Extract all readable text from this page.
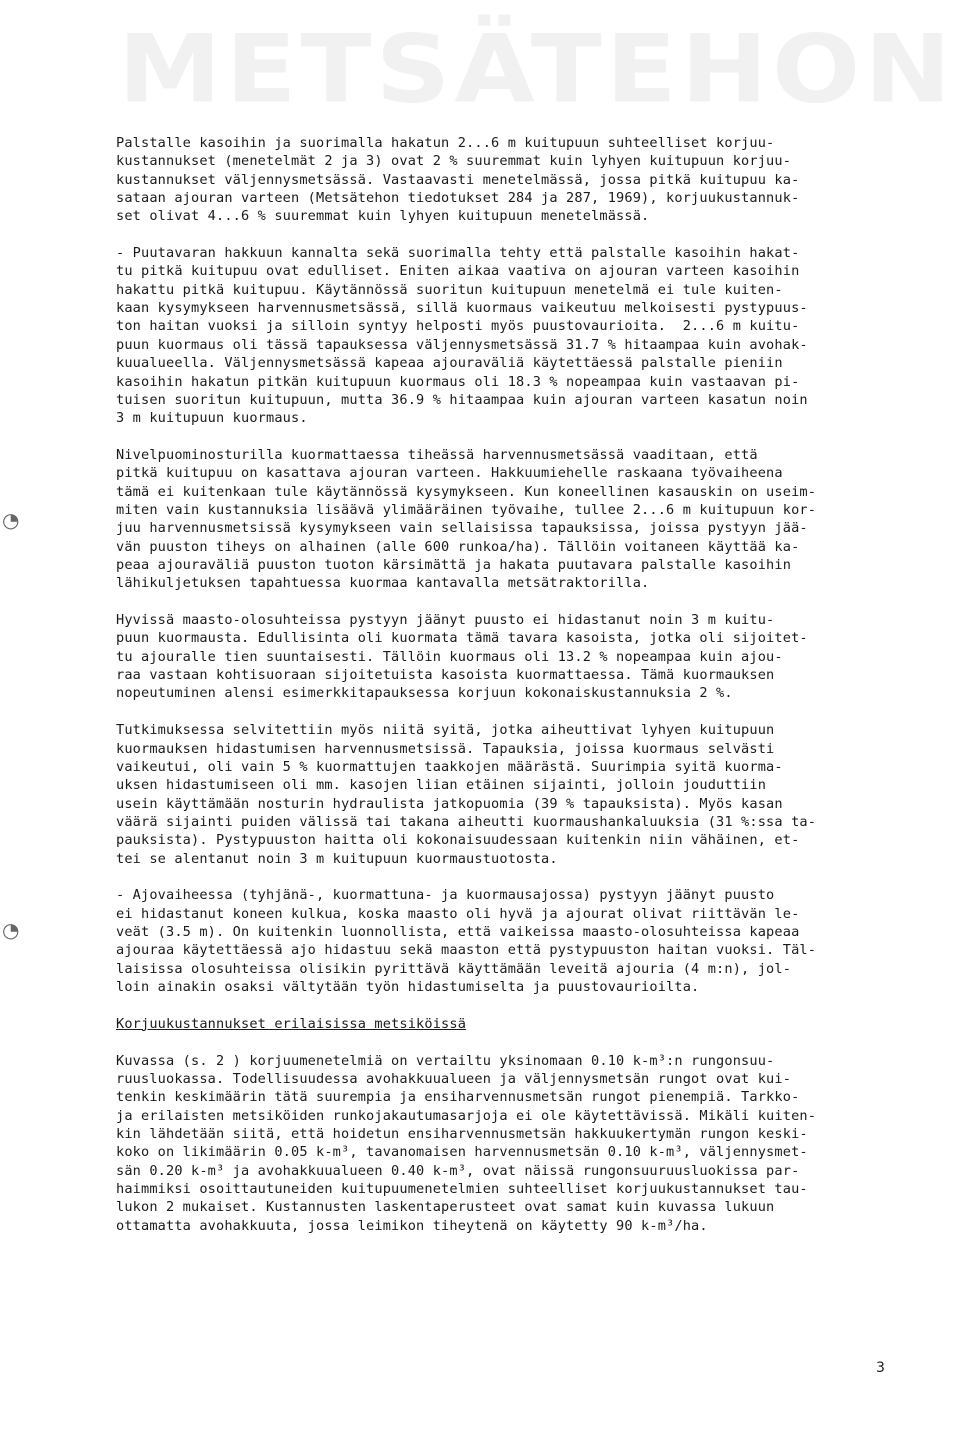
METSÄTEHON
◔
◔
Palstalle kasoihin ja suorimalla hakatun 2...6 m kuitupuun suhteelliset korjuu-
kustannukset (menetelmät 2 ja 3) ovat 2 % suuremmat kuin lyhyen kuitupuun korjuu-
kustannukset väljennysmetsässä. Vastaavasti menetelmässä, jossa pitkä kuitupuu ka-
sataan ajouran varteen (Metsätehon tiedotukset 284 ja 287, 1969), korjuukustannuk-
set olivat 4...6 % suuremmat kuin lyhyen kuitupuun menetelmässä.
- Puutavaran hakkuun kannalta sekä suorimalla tehty että palstalle kasoihin hakat-
tu pitkä kuitupuu ovat edulliset. Eniten aikaa vaativa on ajouran varteen kasoihin
hakattu pitkä kuitupuu. Käytännössä suoritun kuitupuun menetelmä ei tule kuiten-
kaan kysymykseen harvennusmetsässä, sillä kuormaus vaikeutuu melkoisesti pystypuus-
ton haitan vuoksi ja silloin syntyy helposti myös puustovaurioita.  2...6 m kuitu-
puun kuormaus oli tässä tapauksessa väljennysmetsässä 31.7 % hitaampaa kuin avohak-
kuualueella. Väljennysmetsässä kapeaa ajouraväliä käytettäessä palstalle pieniin
kasoihin hakatun pitkän kuitupuun kuormaus oli 18.3 % nopeampaa kuin vastaavan pi-
tuisen suoritun kuitupuun, mutta 36.9 % hitaampaa kuin ajouran varteen kasatun noin
3 m kuitupuun kuormaus.
Nivelpuominosturilla kuormattaessa tiheässä harvennusmetsässä vaaditaan, että
pitkä kuitupuu on kasattava ajouran varteen. Hakkuumiehelle raskaana työvaiheena
tämä ei kuitenkaan tule käytännössä kysymykseen. Kun koneellinen kasauskin on useim-
miten vain kustannuksia lisäävä ylimääräinen työvaihe, tullee 2...6 m kuitupuun kor-
juu harvennusmetsissä kysymykseen vain sellaisissa tapauksissa, joissa pystyyn jää-
vän puuston tiheys on alhainen (alle 600 runkoa/ha). Tällöin voitaneen käyttää ka-
peaa ajouraväliä puuston tuoton kärsimättä ja hakata puutavara palstalle kasoihin
lähikuljetuksen tapahtuessa kuormaa kantavalla metsätraktorilla.
Hyvissä maasto-olosuhteissa pystyyn jäänyt puusto ei hidastanut noin 3 m kuitu-
puun kuormausta. Edullisinta oli kuormata tämä tavara kasoista, jotka oli sijoitet-
tu ajouralle tien suuntaisesti. Tällöin kuormaus oli 13.2 % nopeampaa kuin ajou-
raa vastaan kohtisuoraan sijoitetuista kasoista kuormattaessa. Tämä kuormauksen
nopeutuminen alensi esimerkkitapauksessa korjuun kokonaiskustannuksia 2 %.
Tutkimuksessa selvitettiin myös niitä syitä, jotka aiheuttivat lyhyen kuitupuun
kuormauksen hidastumisen harvennusmetsissä. Tapauksia, joissa kuormaus selvästi
vaikeutui, oli vain 5 % kuormattujen taakkojen määrästä. Suurimpia syitä kuorma-
uksen hidastumiseen oli mm. kasojen liian etäinen sijainti, jolloin jouduttiin
usein käyttämään nosturin hydraulista jatkopuomia (39 % tapauksista). Myös kasan
väärä sijainti puiden välissä tai takana aiheutti kuormaushankaluuksia (31 %:ssa ta-
pauksista). Pystypuuston haitta oli kokonaisuudessaan kuitenkin niin vähäinen, et-
tei se alentanut noin 3 m kuitupuun kuormaustuotosta.
- Ajovaiheessa (tyhjänä-, kuormattuna- ja kuormausajossa) pystyyn jäänyt puusto
ei hidastanut koneen kulkua, koska maasto oli hyvä ja ajourat olivat riittävän le-
veät (3.5 m). On kuitenkin luonnollista, että vaikeissa maasto-olosuhteissa kapeaa
ajouraa käytettäessä ajo hidastuu sekä maaston että pystypuuston haitan vuoksi. Täl-
laisissa olosuhteissa olisikin pyrittävä käyttämään leveitä ajouria (4 m:n), jol-
loin ainakin osaksi vältytään työn hidastumiselta ja puustovaurioilta.
Korjuukustannukset erilaisissa metsiköissä
Kuvassa (s. 2 ) korjuumenetelmiä on vertailtu yksinomaan 0.10 k-m³:n rungonsuu-
ruusluokassa. Todellisuudessa avohakkuualueen ja väljennysmetsän rungot ovat kui-
tenkin keskimäärin tätä suurempia ja ensiharvennusmetsän rungot pienempiä. Tarkko-
ja erilaisten metsiköiden runkojakautumasarjoja ei ole käytettävissä. Mikäli kuiten-
kin lähdetään siitä, että hoidetun ensiharvennusmetsän hakkuukertymän rungon keski-
koko on likimäärin 0.05 k-m³, tavanomaisen harvennusmetsän 0.10 k-m³, väljennysmet-
sän 0.20 k-m³ ja avohakkuualueen 0.40 k-m³, ovat näissä rungonsuuruusluokissa par-
haimmiksi osoittautuneiden kuitupuumenetelmien suhteelliset korjuukustannukset tau-
lukon 2 mukaiset. Kustannusten laskentaperusteet ovat samat kuin kuvassa lukuun
ottamatta avohakkuuta, jossa leimikon tiheytenä on käytetty 90 k-m³/ha.
3
